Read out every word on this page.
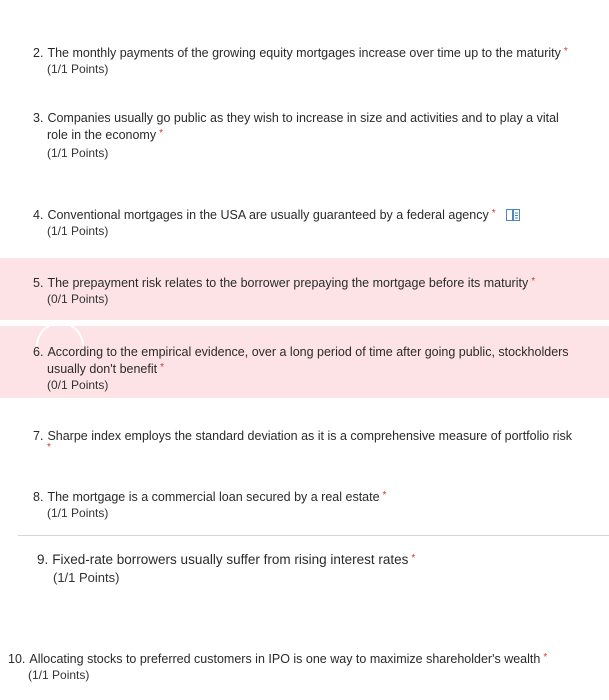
2. The monthly payments of the growing equity mortgages increase over time up to the maturity *
(1/1 Points)
3. Companies usually go public as they wish to increase in size and activities and to play a vital
role in the economy *
(1/1 Points)
4. Conventional mortgages in the USA are usually guaranteed by a federal agency *
(1/1 Points)
5. The prepayment risk relates to the borrower prepaying the mortgage before its maturity *
(0/1 Points)
6. According to the empirical evidence, over a long period of time after going public, stockholders
usually don't benefit *
(0/1 Points)
7. Sharpe index employs the standard deviation as it is a comprehensive measure of portfolio risk
*
8. The mortgage is a commercial loan secured by a real estate *
(1/1 Points)
9. Fixed-rate borrowers usually suffer from rising interest rates *
(1/1 Points)
10. Allocating stocks to preferred customers in IPO is one way to maximize shareholder's wealth *
(1/1 Points)
